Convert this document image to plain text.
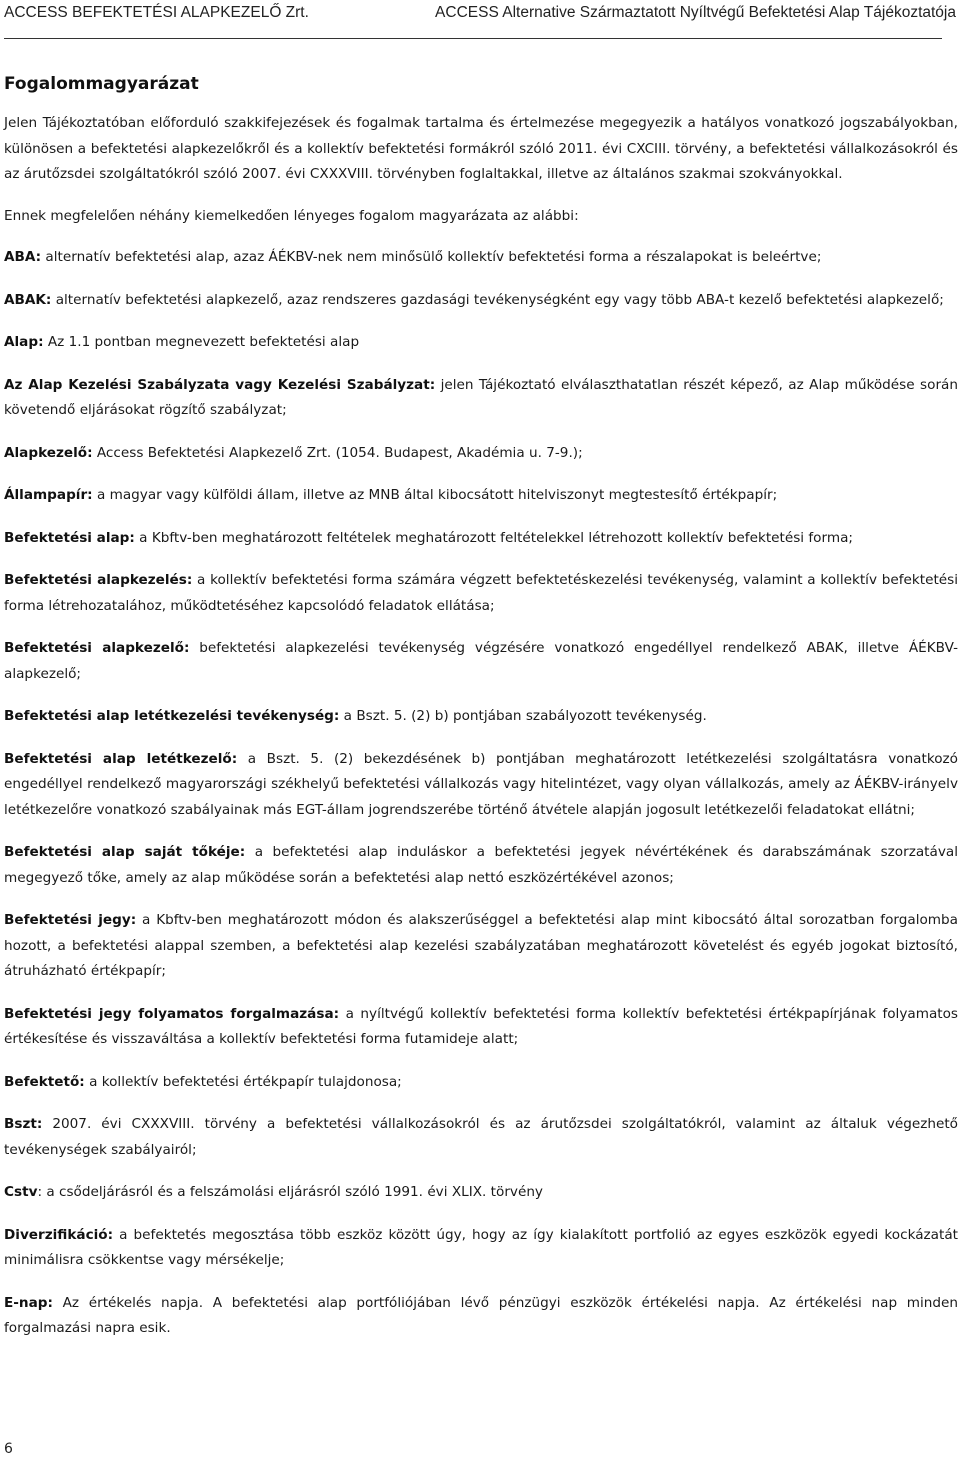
ACCESS BEFEKTETÉSI ALAPKEZELŐ Zrt.	ACCESS Alternative Származtatott Nyíltvégű Befektetési Alap Tájékoztatója
Fogalommagyarázat

Jelen Tájékoztatóban előforduló szakkifejezések és fogalmak tartalma és értelmezése megegyezik a hatályos vonatkozó jogszabályokban, különösen a befektetési alapkezelőkről és a kollektív befektetési formákról szóló 2011. évi CXCIII. törvény, a befektetési vállalkozásokról és az árutőzsdei szolgáltatókról szóló 2007. évi CXXXVIII. törvényben foglaltakkal, illetve az általános szakmai szokványokkal.

Ennek megfelelően néhány kiemelkedően lényeges fogalom magyarázata az alábbi:

ABA: alternatív befektetési alap, azaz ÁÉKBV-nek nem minősülő kollektív befektetési forma a részalapokat is beleértve;

ABAK: alternatív befektetési alapkezelő, azaz rendszeres gazdasági tevékenységként egy vagy több ABA-t kezelő befektetési alapkezelő;

Alap: Az 1.1 pontban megnevezett befektetési alap

Az Alap Kezelési Szabályzata vagy Kezelési Szabályzat: jelen Tájékoztató elválaszthatatlan részét képező, az Alap működése során követendő eljárásokat rögzítő szabályzat;

Alapkezelő: Access Befektetési Alapkezelő Zrt. (1054. Budapest, Akadémia u. 7-9.);

Állampapír: a magyar vagy külföldi állam, illetve az MNB által kibocsátott hitelviszonyt megtestesítő értékpapír;

Befektetési alap: a Kbftv-ben meghatározott feltételek meghatározott feltételekkel létrehozott kollektív befektetési forma;

Befektetési alapkezelés: a kollektív befektetési forma számára végzett befektetéskezelési tevékenység, valamint a kollektív befektetési forma létrehozatalához, működtetéséhez kapcsolódó feladatok ellátása;

Befektetési alapkezelő: befektetési alapkezelési tevékenység végzésére vonatkozó engedéllyel rendelkező ABAK, illetve ÁÉKBV-alapkezelő;

Befektetési alap letétkezelési tevékenység: a Bszt. 5. (2) b) pontjában szabályozott tevékenység.

Befektetési alap letétkezelő: a Bszt. 5. (2) bekezdésének b) pontjában meghatározott letétkezelési szolgáltatásra vonatkozó engedéllyel rendelkező magyarországi székhelyű befektetési vállalkozás vagy hitelintézet, vagy olyan vállalkozás, amely az ÁÉKBV-irányelv letétkezelőre vonatkozó szabályainak más EGT-állam jogrendszerébe történő átvétele alapján jogosult letétkezelői feladatokat ellátni;

Befektetési alap saját tőkéje: a befektetési alap induláskor a befektetési jegyek névértékének és darabszámának szorzatával megegyező tőke, amely az alap működése során a befektetési alap nettó eszközértékével azonos;

Befektetési jegy: a Kbftv-ben meghatározott módon és alakszerűséggel a befektetési alap mint kibocsátó által sorozatban forgalomba hozott, a befektetési alappal szemben, a befektetési alap kezelési szabályzatában meghatározott követelést és egyéb jogokat biztosító, átruházható értékpapír;

Befektetési jegy folyamatos forgalmazása: a nyíltvégű kollektív befektetési forma kollektív befektetési értékpapírjának folyamatos értékesítése és visszaváltása a kollektív befektetési forma futamideje alatt;

Befektető: a kollektív befektetési értékpapír tulajdonosa;

Bszt: 2007. évi CXXXVIII. törvény a befektetési vállalkozásokról és az árutőzsdei szolgáltatókról, valamint az általuk végezhető tevékenységek szabályairól;

Cstv: a csődeljárásról és a felszámolási eljárásról szóló 1991. évi XLIX. törvény

Diverzifikáció: a befektetés megosztása több eszköz között úgy, hogy az így kialakított portfolió az egyes eszközök egyedi kockázatát minimálisra csökkentse vagy mérsékelje;

E-nap: Az értékelés napja. A befektetési alap portfóliójában lévő pénzügyi eszközök értékelési napja. Az értékelési nap minden forgalmazási napra esik.

6
